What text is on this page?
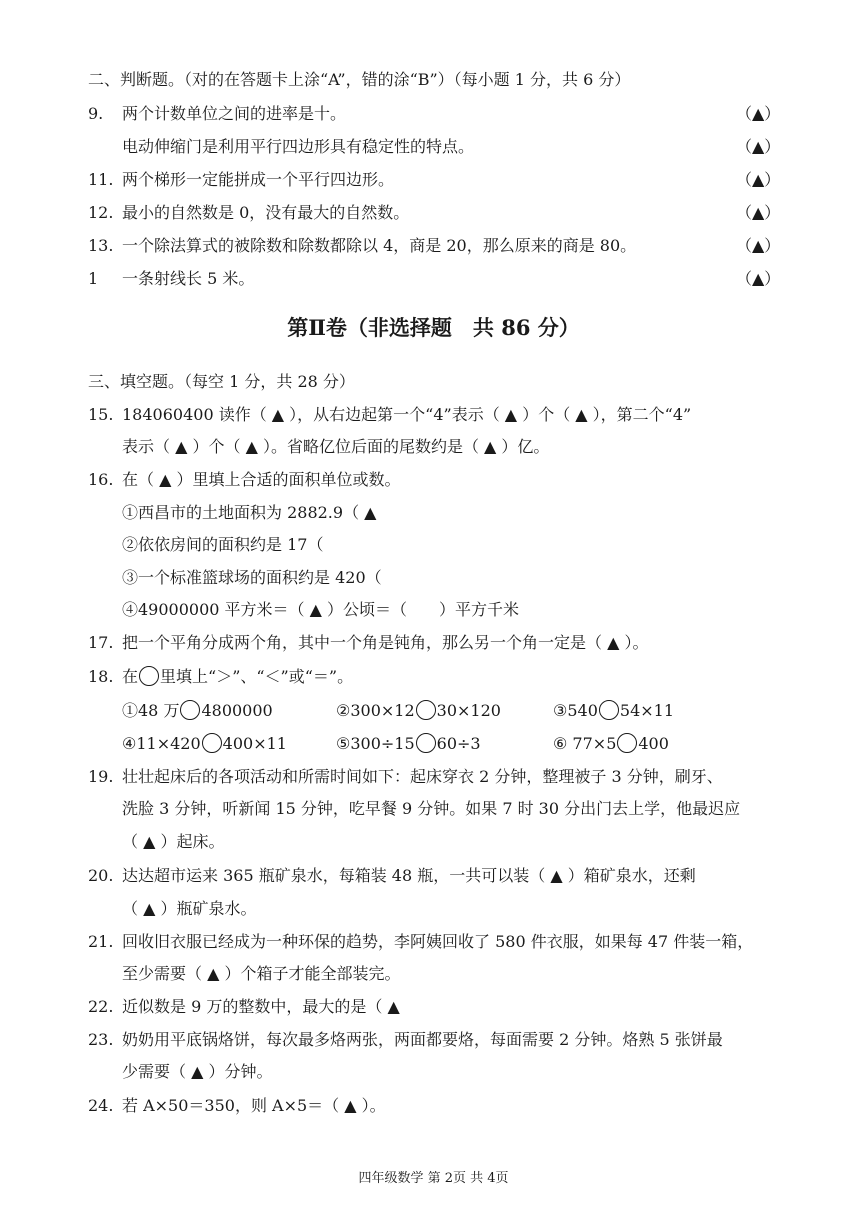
二、判断题。（对的在答题卡上涂“A”，错的涂“B”）（每小题 1 分，共 6 分）
9. 两个计数单位之间的进率是十。	（▲）
电动伸缩门是利用平行四边形具有稳定性的特点。	（▲）
11. 两个梯形一定能拼成一个平行四边形。	（▲）
12. 最小的自然数是 0，没有最大的自然数。	（▲）
13. 一个除法算式的被除数和除数都除以 4，商是 20，那么原来的商是 80。	（▲）
1 一条射线长 5 米。	（▲）
第Ⅱ卷（非选择题　共 86 分）
三、填空题。（每空 1 分，共 28 分）
15. 184060400 读作（ ▲ ），从右边起第一个“4”表示（ ▲ ）个（ ▲ ），第二个“4”
表示（ ▲ ）个（ ▲ ）。省略亿位后面的尾数约是（ ▲ ）亿。
16. 在（ ▲ ）里填上合适的面积单位或数。
①西昌市的土地面积为 2882.9（ ▲
②依依房间的面积约是 17（
③一个标准篮球场的面积约是 420（
④49000000 平方米＝（ ▲ ）公顷＝（　　）平方千米
17. 把一个平角分成两个角，其中一个角是钝角，那么另一个角一定是（ ▲ ）。
18. 在 里填上“＞”、“＜”或“＝”。
①48 万 4800000	②300×12 30×120	③540 54×11
④11×420 400×11	⑤300÷15 60÷3	⑥ 77×5 400
19. 壮壮起床后的各项活动和所需时间如下：起床穿衣 2 分钟，整理被子 3 分钟，刷牙、
洗脸 3 分钟，听新闻 15 分钟，吃早餐 9 分钟。如果 7 时 30 分出门去上学，他最迟应
（ ▲ ）起床。
20. 达达超市运来 365 瓶矿泉水，每箱装 48 瓶，一共可以装（ ▲ ）箱矿泉水，还剩
（ ▲ ）瓶矿泉水。
21. 回收旧衣服已经成为一种环保的趋势，李阿姨回收了 580 件衣服，如果每 47 件装一箱，
至少需要（ ▲ ）个箱子才能全部装完。
22. 近似数是 9 万的整数中，最大的是（ ▲
23. 奶奶用平底锅烙饼，每次最多烙两张，两面都要烙，每面需要 2 分钟。烙熟 5 张饼最
少需要（ ▲ ）分钟。
24. 若 A×50＝350，则 A×5＝（ ▲ ）。
四年级数学 第 2页 共 4页
